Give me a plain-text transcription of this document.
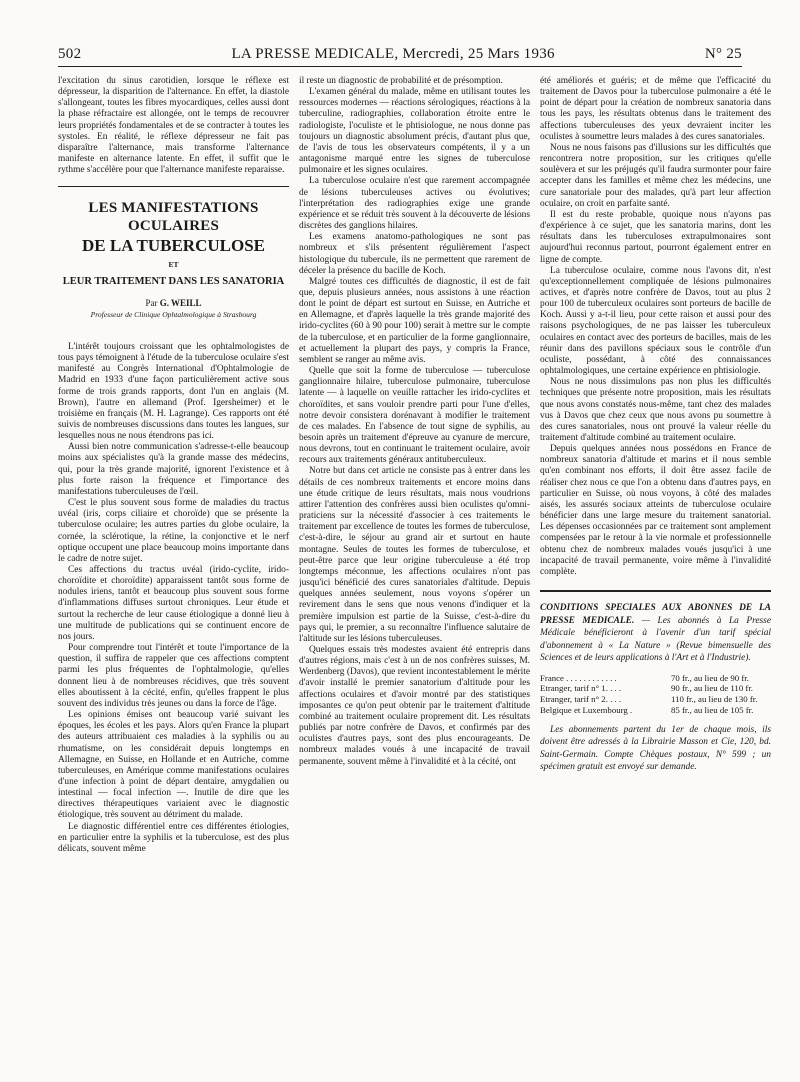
502	LA PRESSE MEDICALE, Mercredi, 25 Mars 1936	N° 25

l'excitation du sinus carotidien, lorsque le réflexe est dépresseur, la disparition de l'alternance. En effet, la diastole s'allongeant, toutes les fibres myocardiques, celles aussi dont la phase réfractaire est allongée, ont le temps de recouvrer leurs propriétés fondamentales et de se contracter à toutes les systoles. En réalité, le réflexe dépresseur ne fait pas disparaître l'alternance, mais transforme l'alternance manifeste en alternance latente. En effet, il suffit que le rythme s'accélère pour que l'alternance manifeste reparaisse.

LES MANIFESTATIONS OCULAIRES
DE LA TUBERCULOSE
ET
LEUR TRAITEMENT DANS LES SANATORIA
Par G. WEILL
Professeur de Clinique Ophtalmologique à Strasbourg

L'intérêt toujours croissant que les ophtalmologistes de tous pays témoignent à l'étude de la tuberculose oculaire s'est manifesté au Congrès International d'Ophtalmologie de Madrid en 1933 d'une façon particulièrement active sous forme de trois grands rapports, dont l'un en anglais (M. Brown), l'autre en allemand (Prof. Igersheimer) et le troisième en français (M. H. Lagrange). Ces rapports ont été suivis de nombreuses discussions dans toutes les langues, sur lesquelles nous ne nous étendrons pas ici.

Aussi bien notre communication s'adresse-t-elle beaucoup moins aux spécialistes qu'à la grande masse des médecins, qui, pour la très grande majorité, ignorent l'existence et à plus forte raison la fréquence et l'importance des manifestations tuberculeuses de l'œil.

C'est le plus souvent sous forme de maladies du tractus uvéal (iris, corps ciliaire et choroïde) que se présente la tuberculose oculaire; les autres parties du globe oculaire, la cornée, la sclérotique, la rétine, la conjonctive et le nerf optique occupent une place beaucoup moins importante dans le cadre de notre sujet.

Ces affections du tractus uvéal (irido-cyclite, irido-choroïdite et choroïdite) apparaissent tantôt sous forme de nodules iriens, tantôt et beaucoup plus souvent sous forme d'inflammations diffuses surtout chroniques. Leur étude et surtout la recherche de leur cause étiologique a donné lieu à une multitude de publications qui se continuent encore de nos jours.

Pour comprendre tout l'intérêt et toute l'importance de la question, il suffira de rappeler que ces affections comptent parmi les plus fréquentes de l'ophtalmologie, qu'elles donnent lieu à de nombreuses récidives, que très souvent elles aboutissent à la cécité, enfin, qu'elles frappent le plus souvent des individus très jeunes ou dans la force de l'âge.

Les opinions émises ont beaucoup varié suivant les époques, les écoles et les pays. Alors qu'en France la plupart des auteurs attribuaient ces maladies à la syphilis ou au rhumatisme, on les considérait depuis longtemps en Allemagne, en Suisse, en Hollande et en Autriche, comme tuberculeuses, en Amérique comme manifestations oculaires d'une infection à point de départ dentaire, amygdalien ou intestinal — focal infection —. Inutile de dire que les directives thérapeutiques variaient avec le diagnostic étiologique, très souvent au détriment du malade.

Le diagnostic différentiel entre ces différentes étiologies, en particulier entre la syphilis et la tuberculose, est des plus délicats, souvent même

il reste un diagnostic de probabilité et de présomption.

L'examen général du malade, même en utilisant toutes les ressources modernes — réactions sérologiques, réactions à la tuberculine, radiographies, collaboration étroite entre le radiologiste, l'oculiste et le phtisiologue, ne nous donne pas toujours un diagnostic absolument précis, d'autant plus que, de l'avis de tous les observateurs compétents, il y a un antagonisme marqué entre les signes de tuberculose pulmonaire et les signes oculaires.

La tuberculose oculaire n'est que rarement accompagnée de lésions tuberculeuses actives ou évolutives; l'interprétation des radiographies exige une grande expérience et se réduit très souvent à la découverte de lésions discrètes des ganglions hilaires.

Les examens anatomo-pathologiques ne sont pas nombreux et s'ils présentent régulièrement l'aspect histologique du tubercule, ils ne permettent que rarement de déceler la présence du bacille de Koch.

Malgré toutes ces difficultés de diagnostic, il est de fait que, depuis plusieurs années, nous assistons à une réaction dont le point de départ est surtout en Suisse, en Autriche et en Allemagne, et d'après laquelle la très grande majorité des irido-cyclites (60 à 90 pour 100) serait à mettre sur le compte de la tuberculose, et en particulier de la forme ganglionnaire, et actuellement la plupart des pays, y compris la France, semblent se ranger au même avis.

Quelle que soit la forme de tuberculose — tuberculose ganglionnaire hilaire, tuberculose pulmonaire, tuberculose latente — à laquelle on veuille rattacher les irido-cyclites et choroïdites, et sans vouloir prendre parti pour l'une d'elles, notre devoir consistera dorénavant à modifier le traitement de ces malades. En l'absence de tout signe de syphilis, au besoin après un traitement d'épreuve au cyanure de mercure, nous devrons, tout en continuant le traitement oculaire, avoir recours aux traitements généraux antituberculeux.

Notre but dans cet article ne consiste pas à entrer dans les détails de ces nombreux traitements et encore moins dans une étude critique de leurs résultats, mais nous voudrions attirer l'attention des confrères aussi bien oculistes qu'omni-praticiens sur la nécessité d'associer à ces traitements le traitement par excellence de toutes les formes de tuberculose, c'est-à-dire, le séjour au grand air et surtout en haute montagne. Seules de toutes les formes de tuberculose, et peut-être parce que leur origine tuberculeuse a été trop longtemps méconnue, les affections oculaires n'ont pas jusqu'ici bénéficié des cures sanatoriales d'altitude. Depuis quelques années seulement, nous voyons s'opérer un revirement dans le sens que nous venons d'indiquer et la première impulsion est partie de la Suisse, c'est-à-dire du pays qui, le premier, a su reconnaître l'influence salutaire de l'altitude sur les lésions tuberculeuses.

Quelques essais très modestes avaient été entrepris dans d'autres régions, mais c'est à un de nos confrères suisses, M. Werdenberg (Davos), que revient incontestablement le mérite d'avoir installé le premier sanatorium d'altitude pour les affections oculaires et d'avoir montré par des statistiques imposantes ce qu'on peut obtenir par le traitement d'altitude combiné au traitement oculaire proprement dit. Les résultats publiés par notre confrère de Davos, et confirmés par des oculistes d'autres pays, sont des plus encourageants. De nombreux malades voués à une incapacité de travail permanente, souvent même à l'invalidité et à la cécité, ont

été améliorés et guéris; et de même que l'efficacité du traitement de Davos pour la tuberculose pulmonaire a été le point de départ pour la création de nombreux sanatoria dans tous les pays, les résultats obtenus dans le traitement des affections tuberculeuses des yeux devraient inciter les oculistes à soumettre leurs malades à des cures sanatoriales.

Nous ne nous faisons pas d'illusions sur les difficultés que rencontrera notre proposition, sur les critiques qu'elle soulèvera et sur les préjugés qu'il faudra surmonter pour faire accepter dans les familles et même chez les médecins, une cure sanatoriale pour des malades, qu'à part leur affection oculaire, on croit en parfaite santé.

Il est du reste probable, quoique nous n'ayons pas d'expérience à ce sujet, que les sanatoria marins, dont les résultats dans les tuberculoses extrapulmonaires sont aujourd'hui reconnus partout, pourront également entrer en ligne de compte.

La tuberculose oculaire, comme nous l'avons dit, n'est qu'exceptionnellement compliquée de lésions pulmonaires actives, et d'après notre confrère de Davos, tout au plus 2 pour 100 de tuberculeux oculaires sont porteurs de bacille de Koch. Aussi y a-t-il lieu, pour cette raison et aussi pour des raisons psychologiques, de ne pas laisser les tuberculeux oculaires en contact avec des porteurs de bacilles, mais de les réunir dans des pavillons spéciaux sous le contrôle d'un oculiste, possédant, à côté des connaissances ophtalmologiques, une certaine expérience en phtisiologie.

Nous ne nous dissimulons pas non plus les difficultés techniques que présente notre proposition, mais les résultats que nous avons constatés nous-même, tant chez des malades vus à Davos que chez ceux que nous avons pu soumettre à des cures sanatoriales, nous ont prouvé la valeur réelle du traitement d'altitude combiné au traitement oculaire.

Depuis quelques années nous possédons en France de nombreux sanatoria d'altitude et marins et il nous semble qu'en combinant nos efforts, il doit être assez facile de réaliser chez nous ce que l'on a obtenu dans d'autres pays, en particulier en Suisse, où nous voyons, à côté des malades aisés, les assurés sociaux atteints de tuberculose oculaire bénéficier dans une large mesure du traitement sanatorial. Les dépenses occasionnées par ce traitement sont amplement compensées par le retour à la vie normale et professionnelle obtenu chez de nombreux malades voués jusqu'ici à une incapacité de travail permanente, voire même à l'invalidité complète.

CONDITIONS SPECIALES AUX ABONNES DE LA PRESSE MEDICALE. — Les abonnés à La Presse Médicale bénéficieront à l'avenir d'un tarif spécial d'abonnement à « La Nature » (Revue bimensuelle des Sciences et de leurs applications à l'Art et à l'Industrie).
France . . . . . . . . . . . .	70 fr., au lieu de 90 fr.
Etranger, tarif n° 1. . . .	90 fr., au lieu de 110 fr.
Etranger, tarif n° 2. . . .	110 fr., au lieu de 130 fr.
Belgique et Luxembourg .	85 fr., au lieu de 105 fr.
Les abonnements partent du 1er de chaque mois, ils doivent être adressés à la Librairie Masson et Cie, 120, bd. Saint-Germain. Compte Chèques postaux, N° 599 ; un spécimen gratuit est envoyé sur demande.
